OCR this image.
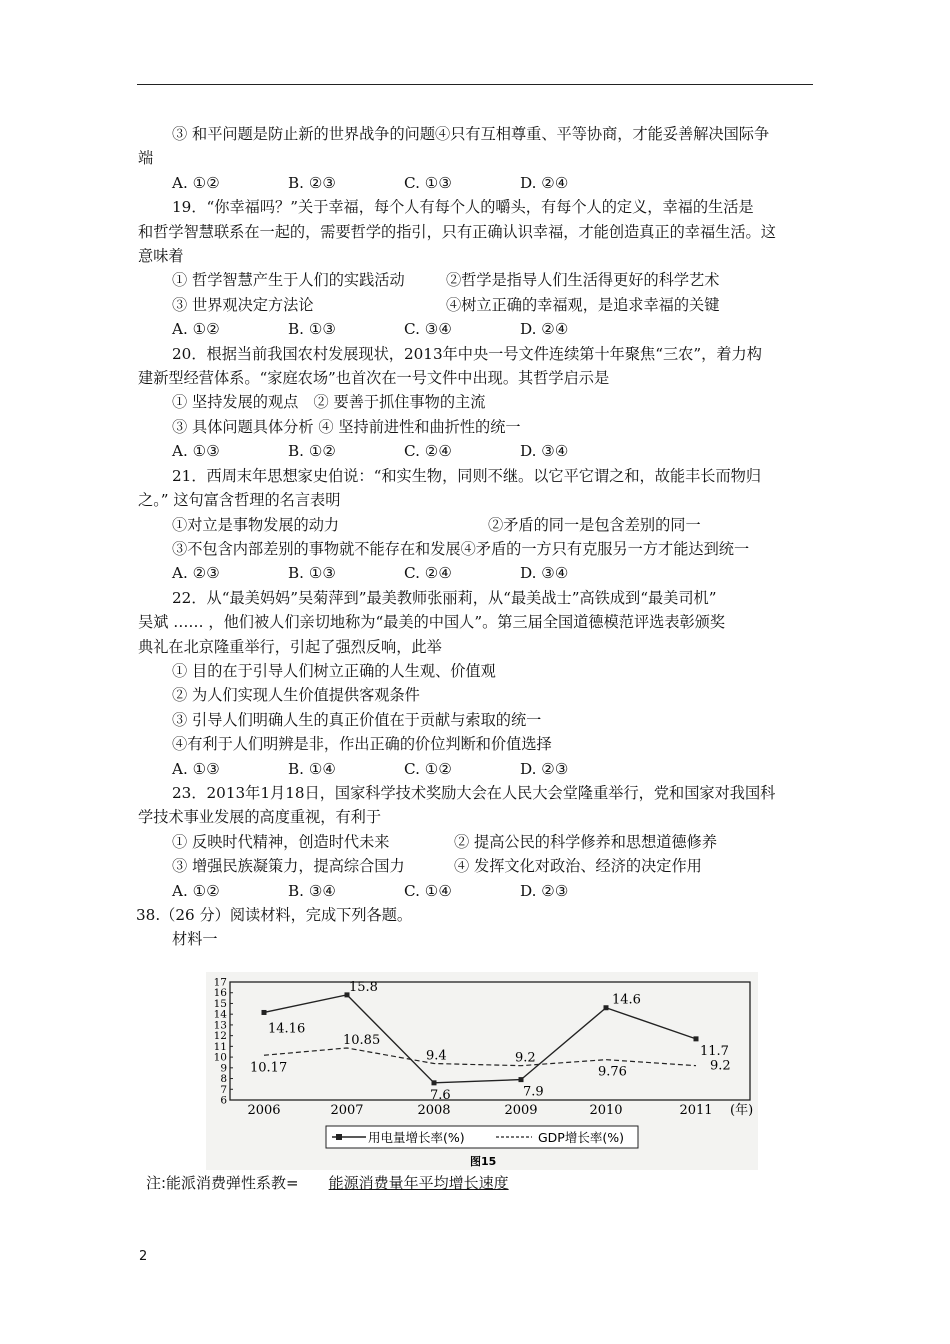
③ 和平问题是防止新的世界战争的问题④只有互相尊重、平等协商，才能妥善解决国际争

端

A. ①②	B. ②③	C. ①③	D. ②④

19．“你幸福吗？”关于幸福，每个人有每个人的嚼头，有每个人的定义，幸福的生活是

和哲学智慧联系在一起的，需要哲学的指引，只有正确认识幸福，才能创造真正的幸福生活。这

意味着

① 哲学智慧产生于人们的实践活动	②哲学是指导人们生活得更好的科学艺术
③ 世界观决定方法论	④树立正确的幸福观，是追求幸福的关键
A. ①②	B. ①③	C. ③④	D. ②④

20．根据当前我国农村发展现状，2013年中央一号文件连续第十年聚焦“三农”，着力构

建新型经营体系。“家庭农场”也首次在一号文件中出现。其哲学启示是

① 坚持发展的观点　② 要善于抓住事物的主流

③ 具体问题具体分析 ④ 坚持前进性和曲折性的统一

A. ①③	B. ①②	C. ②④	D. ③④

21．西周末年思想家史伯说：“和实生物，同则不继。以它平它谓之和，故能丰长而物归

之。” 这句富含哲理的名言表明

①对立是事物发展的动力	②矛盾的同一是包含差别的同一

③不包含内部差别的事物就不能存在和发展④矛盾的一方只有克服另一方才能达到统一

A. ②③	B. ①③	C. ②④	D. ③④

22．从“最美妈妈”吴菊萍到”最美教师张丽莉，从“最美战士”高铁成到“最美司机”

吴斌 …… ，他们被人们亲切地称为“最美的中国人”。第三届全国道德模范评选表彰颁奖

典礼在北京隆重举行，引起了强烈反响，此举

① 目的在于引导人们树立正确的人生观、价值观

② 为人们实现人生价值提供客观条件

③ 引导人们明确人生的真正价值在于贡献与索取的统一

④有利于人们明辨是非，作出正确的价位判断和价值选择

A. ①③	B. ①④	C. ①②	D. ②③

23．2013年1月18日，国家科学技术奖励大会在人民大会堂隆重举行，党和国家对我国科

学技术事业发展的高度重视，有利于

① 反映时代精神，创造时代未来	② 提高公民的科学修养和思想道德修养
③ 增强民族凝策力，提高综合国力	④ 发挥文化对政治、经济的决定作用
A. ①②	B. ③④	C. ①④	D. ②③

38.（26 分）阅读材料，完成下列各题。

材料一

17
16
15
14
13
12
11
10
9
8
7
6
2006	2007	2008	2009	2010	2011 (年)
14.16
15.8
7.6	7.9
14.6
11.7
10.17
10.85
9.4	9.2
9.76	9.2
用电量增长率(%)	GDP增长率(%)
图15
注:能派消费弹性系教= 能源消费量年平均增长速度
2
